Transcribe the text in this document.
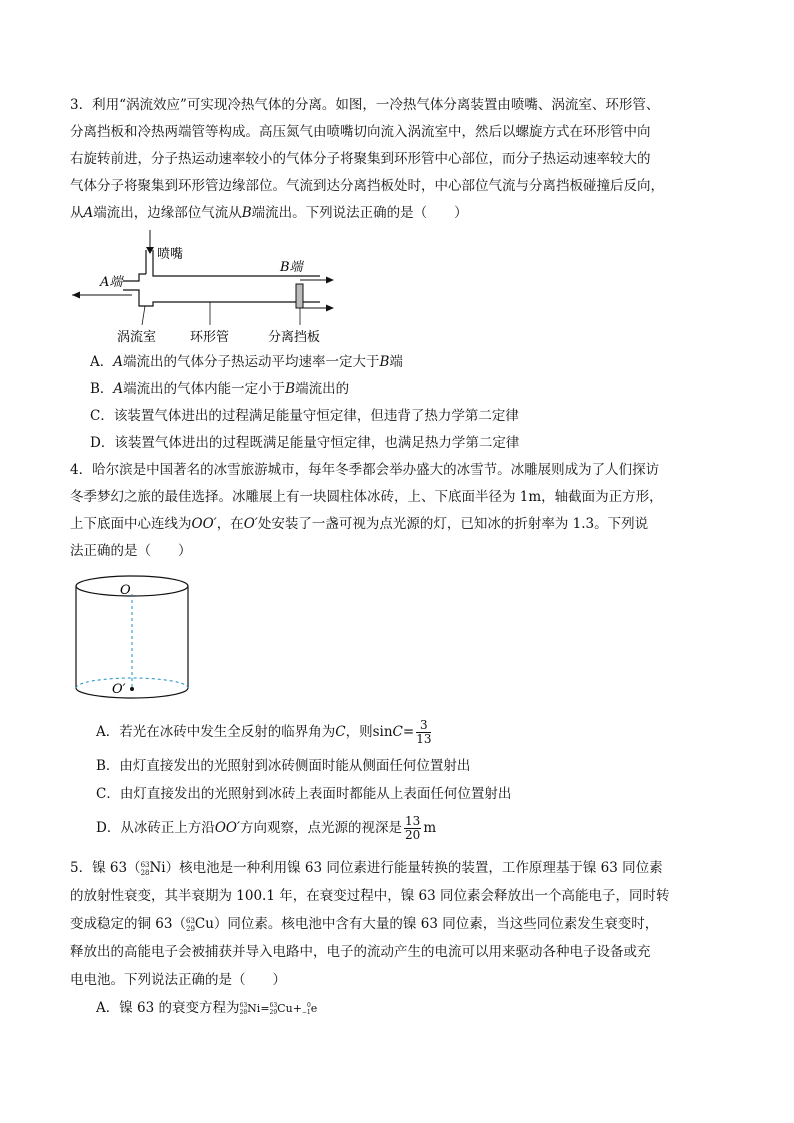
3．利用“涡流效应”可实现冷热气体的分离。如图，一冷热气体分离装置由喷嘴、涡流室、环形管、
分离挡板和冷热两端管等构成。高压氮气由喷嘴切向流入涡流室中，然后以螺旋方式在环形管中向
右旋转前进，分子热运动速率较小的气体分子将聚集到环形管中心部位，而分子热运动速率较大的
气体分子将聚集到环形管边缘部位。气流到达分离挡板处时，中心部位气流与分离挡板碰撞后反向，
从A端流出，边缘部位气流从B端流出。下列说法正确的是（　　）
喷嘴
A端
B端
涡流室	环形管	分离挡板
A．A端流出的气体分子热运动平均速率一定大于B端
B．A端流出的气体内能一定小于B端流出的
C．该装置气体进出的过程满足能量守恒定律，但违背了热力学第二定律
D．该装置气体进出的过程既满足能量守恒定律，也满足热力学第二定律
4．哈尔滨是中国著名的冰雪旅游城市，每年冬季都会举办盛大的冰雪节。冰雕展则成为了人们探访
冬季梦幻之旅的最佳选择。冰雕展上有一块圆柱体冰砖，上、下底面半径为 1m，轴截面为正方形，
上下底面中心连线为OO′，在O′处安装了一盏可视为点光源的灯，已知冰的折射率为 1.3。下列说
法正确的是（　　）
O
O′
A．若光在冰砖中发生全反射的临界角为C，则$\sin C= \frac{3}{13}$
B．由灯直接发出的光照射到冰砖侧面时能从侧面任何位置射出
C．由灯直接发出的光照射到冰砖上表面时都能从上表面任何位置射出
D．从冰砖正上方沿OO′方向观察，点光源的视深是 $\frac{13}{20}$ m
5．镍 63（ 63
28 Ni）核电池是一种利用镍 63 同位素进行能量转换的装置，工作原理基于镍 63 同位素
的放射性衰变，其半衰期为 100.1 年，在衰变过程中，镍 63 同位素会释放出一个高能电子，同时转
变成稳定的铜 63（ 63
29 Cu）同位素。核电池中含有大量的镍 63 同位素，当这些同位素发生衰变时，
释放出的高能电子会被捕获并导入电路中，电子的流动产生的电流可以用来驱动各种电子设备或充
电电池。下列说法正确的是（　　）
A．镍 63 的衰变方程为 63
28 Ni= 63
29 Cu+ 0
−1 e
